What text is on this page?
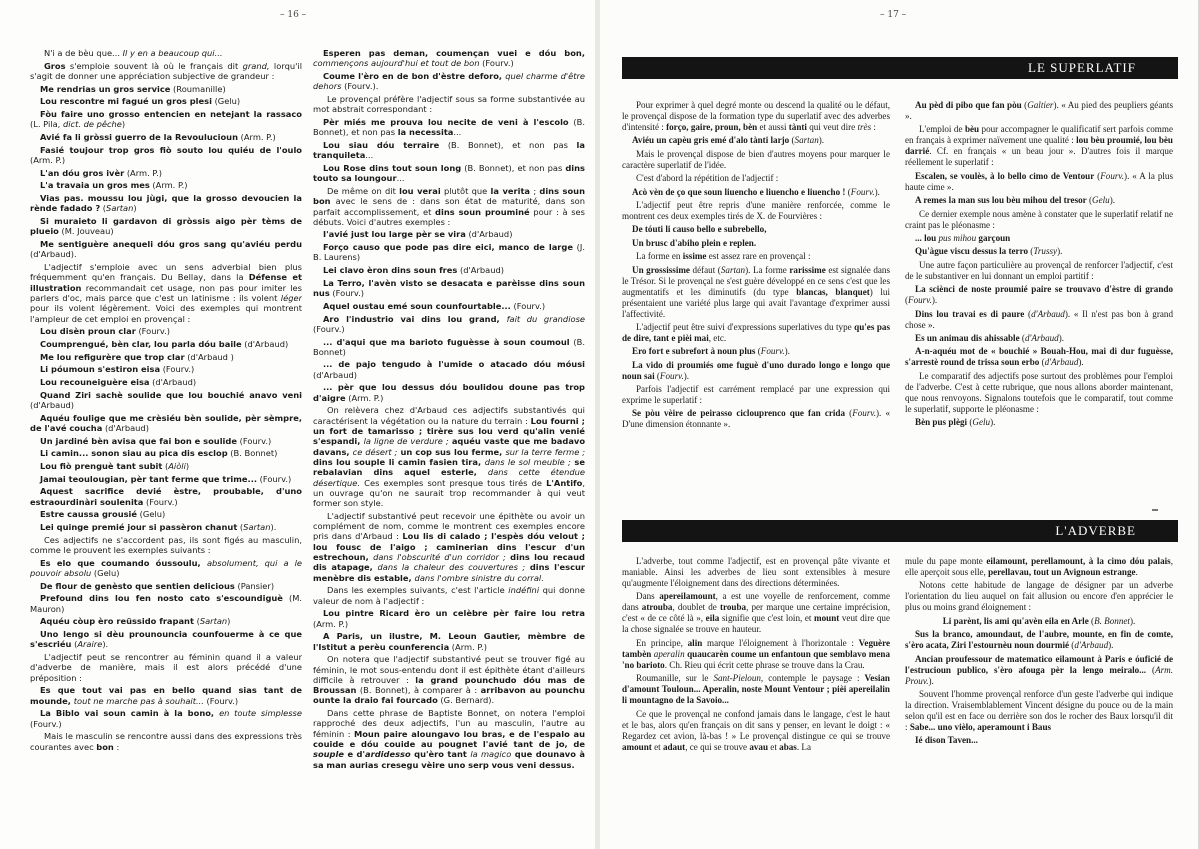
– 16 –

N'i a de bèu que... Il y en a beaucoup qui...

Gros s'emploie souvent là où le français dit grand, lorqu'il s'agit de donner une appréciation subjective de grandeur :

Me rendrias un gros service (Roumanille)

Lou rescontre mi fagué un gros plesi (Gelu)

Fòu faire uno grosso entencien en netejant la rassaco (L. Pila, dict. de pêche)

Avié fa li gròssi guerro de la Revoulucioun (Arm. P.)

Fasié toujour trop gros fiò souto lou quiéu de l'oulo (Arm. P.)

L'an dóu gros ivèr (Arm. P.)

L'a travaia un gros mes (Arm. P.)

Vias pas. moussu lou jùgi, que la grosso devoucien la rènde fadado ? (Sartan)

Si muraieto li gardavon di gròssis aigo pèr tèms de plueio (M. Jouveau)

Me sentiguère anequeli dóu gros sang qu'aviéu perdu (d'Arbaud).

L'adjectif s'emploie avec un sens adverbial bien plus fréquemment qu'en français. Du Bellay, dans la Défense et illustration recommandait cet usage, non pas pour imiter les parlers d'oc, mais parce que c'est un latinisme : ils volent léger pour ils volent légèrement. Voici des exemples qui montrent l'ampleur de cet emploi en provençal :

Lou disèn proun clar (Fourv.)

Coumprengué, bèn clar, lou parla dóu baile (d'Arbaud)

Me lou refigurère que trop clar (d'Arbaud )

Li póumoun s'estiron eisa (Fourv.)

Lou recouneiguère eisa (d'Arbaud)

Quand Ziri sachè soulide que lou bouchié anavo veni (d'Arbaud)

Aquéu foulige que me crèsiéu bèn soulide, pèr sèmpre, de l'avé coucha (d'Arbaud)

Un jardiné bèn avisa que fai bon e soulide (Fourv.)

Li camin... sonon siau au pica dis esclop (B. Bonnet)

Lou fiò prenguè tant subit (Aiòli)

Jamai teoulougian, pèr tant ferme que trime... (Fourv.)

Aquest sacrifice devié èstre, proubable, d'uno estraourdinàri soulenita (Fourv.)

Estre caussa grousié (Gelu)

Lei quinge premié jour si passèron chanut (Sartan).

Ces adjectifs ne s'accordent pas, ils sont figés au masculin, comme le prouvent les exemples suivants :

Es elo que coumando óussoulu, absolument, qui a le pouvoir absolu (Gelu)

De flour de genèsto que sentien delicious (Pansier)

Prefound dins lou fen nosto cato s'escoundiguè (M. Mauron)

Aquéu còup èro reüssido frapant (Sartan)

Uno lengo si dèu prounouncia counfouerme à ce que s'escriéu (Araire).

L'adjectif peut se rencontrer au féminin quand il a valeur d'adverbe de manière, mais il est alors précédé d'une préposition :

Es que tout vai pas en bello quand sias tant de mounde, tout ne marche pas à souhait... (Fourv.)

La Biblo vai soun camin à la bono, en toute simplesse (Fourv.)

Mais le masculin se rencontre aussi dans des expressions très courantes avec bon :

Esperen pas deman, coumençan vuei e dóu bon, commençons aujourd'hui et tout de bon (Fourv.)

Coume l'èro en de bon d'èstre deforo, quel charme d'être dehors (Fourv.).

Le provençal préfère l'adjectif sous sa forme substantivée au mot abstrait correspondant :

Pèr miés me prouva lou necite de veni à l'escolo (B. Bonnet), et non pas la necessita...

Lou siau dóu terraire (B. Bonnet), et non pas la tranquileta...

Lou Rose dins tout soun long (B. Bonnet), et non pas dins touto sa loungour...

De même on dit lou verai plutôt que la verita ; dins soun bon avec le sens de : dans son état de maturité, dans son parfait accomplissement, et dins soun prouminé pour : à ses débuts. Voici d'autres exemples :

I'avié just lou large pèr se vira (d'Arbaud)

Forço causo que pode pas dire eici, manco de large (J. B. Laurens)

Lei clavo èron dins soun fres (d'Arbaud)

La Terro, l'avèn visto se desacata e parèisse dins soun nus (Fourv.)

Aquel oustau emé soun counfourtable... (Fourv.)

Aro l'industrio vai dins lou grand, fait du grandiose (Fourv.)

... d'aqui que ma barioto fuguèsse à soun coumoul (B. Bonnet)

... de pajo tengudo à l'umide o atacado dóu móusi (d'Arbaud)

... pèr que lou dessus dóu boulidou doune pas trop d'aigre (Arm. P.)

On relèvera chez d'Arbaud ces adjectifs substantivés qui caractérisent la végétation ou la nature du terrain : Lou fourni ; un fort de tamarisso ; tirère sus lou verd qu'alin venié s'espandi, la ligne de verdure ; aquéu vaste que me badavo davans, ce désert ; un cop sus lou ferme, sur la terre ferme ; dins lou souple li camin fasien tira, dans le sol meuble ; se rebalavian dins aquel esterle, dans cette étendue désertique. Ces exemples sont presque tous tirés de L'Antifo, un ouvrage qu'on ne saurait trop recommander à qui veut former son style.

L'adjectif substantivé peut recevoir une épithète ou avoir un complément de nom, comme le montrent ces exemples encore pris dans d'Arbaud : Lou lis di calado ; l'espès dóu velout ; lou fousc de l'aigo ; caminerian dins l'escur d'un estrechoun, dans l'obscurité d'un corridor ; dins lou recaud dis atapage, dans la chaleur des couvertures ; dins l'escur menèbre dis estable, dans l'ombre sinistre du corral.

Dans les exemples suivants, c'est l'article indéfini qui donne valeur de nom à l'adjectif :

Lou pintre Ricard èro un celèbre pèr faire lou retra (Arm. P.)

A Paris, un ilustre, M. Leoun Gautier, mèmbre de l'Istitut a perèu counferencia (Arm. P.)

On notera que l'adjectif substantivé peut se trouver figé au féminin, le mot sous-entendu dont il est épithète étant d'ailleurs difficile à retrouver : la grand pounchudo dóu mas de Broussan (B. Bonnet), à comparer à : arribavon au pounchu ounte la draio fai fourcado (G. Bernard).

Dans cette phrase de Baptiste Bonnet, on notera l'emploi rapproché des deux adjectifs, l'un au masculin, l'autre au féminin : Moun paire aloungavo lou bras, e de l'espalo au couide e dóu couide au pougnet l'avié tant de jo, de souple e d'ardidesso qu'èro tant la magico que dounavo à sa man aurias cresegu vèire uno serp vous veni dessus.

– 17 –
LE SUPERLATIF

Pour exprimer à quel degré monte ou descend la qualité ou le défaut, le provençal dispose de la formation type du superlatif avec des adverbes d'intensité : forço, gaire, proun, bèn et aussi tànti qui veut dire très :

Aviéu un capèu gris emé d'alo tànti larjo (Sartan).

Mais le provençal dispose de bien d'autres moyens pour marquer le caractère superlatif de l'idée.

C'est d'abord la répétition de l'adjectif :

Acò vèn de ço que soun liuencho e liuencho e liuencho ! (Fourv.).

L'adjectif peut être repris d'une manière renforcée, comme le montrent ces deux exemples tirés de X. de Fourvières :

De tóuti li causo bello e subrebello,

Un brusc d'abiho plein e replen.

La forme en issime est assez rare en provençal :

Un grossissime défaut (Sartan). La forme rarissime est signalée dans le Trésor. Si le provençal ne s'est guère développé en ce sens c'est que les augmentatifs et les diminutifs (du type blancas, blanquet) lui présentaient une variété plus large qui avait l'avantage d'exprimer aussi l'affectivité.

L'adjectif peut être suivi d'expressions superlatives du type qu'es pas de dire, tant e pièi mai, etc.

Ero fort e subrefort à noun plus (Fourv.).

La vido di proumiés ome fuguè d'uno durado longo e longo que noun sai (Fourv.).

Parfois l'adjectif est carrément remplacé par une expression qui exprime le superlatif :

Se pòu vèire de peirasso ciclouprenco que fan crida (Fourv.). « D'une dimension étonnante ».

Au pèd di pibo que fan pòu (Galtier). « Au pied des peupliers géants ».

L'emploi de bèu pour accompagner le qualificatif sert parfois comme en français à exprimer naïvement une qualité : lou bèu proumié, lou bèu darrié. Cf. en français « un beau jour ». D'autres fois il marque réellement le superlatif :

Escalen, se voulès, à lo bello cimo de Ventour (Fourv.). « A la plus haute cime ».

A remes la man sus lou bèu mihou del tresor (Gelu).

Ce dernier exemple nous amène à constater que le superlatif relatif ne craint pas le pléonasme :

... lou pus mihou garçoun

Qu'àgue viscu dessus la terro (Trussy).

Une autre façon particulière au provençal de renforcer l'adjectif, c'est de le substantiver en lui donnant un emploi partitif :

La sciènci de noste proumié paire se trouvavo d'èstre di grando (Fourv.).

Dins lou travai es di paure (d'Arbaud). « Il n'est pas bon à grand chose ».

Es un animau dis ahissable (d'Arbaud).

A-n-aquéu mot de « bouchié » Bouah-Hou, mai di dur fuguèsse, s'arrestè round de trissa soun erbo (d'Arbaud).

Le comparatif des adjectifs pose surtout des problèmes pour l'emploi de l'adverbe. C'est à cette rubrique, que nous allons aborder maintenant, que nous renvoyons. Signalons toutefois que le comparatif, tout comme le superlatif, supporte le pléonasme :

Bèn pus plègi (Gelu).

L'ADVERBE

L'adverbe, tout comme l'adjectif, est en provençal pâte vivante et maniable. Ainsi les adverbes de lieu sont extensibles à mesure qu'augmente l'éloignement dans des directions déterminées.

Dans apereilamount, a est une voyelle de renforcement, comme dans atrouba, doublet de trouba, per marque une certaine imprécision, c'est « de ce côté là », eila signifie que c'est loin, et mount veut dire que la chose signalée se trouve en hauteur.

En principe, alin marque l'éloignement à l'horizontale : Veguère tambèn aperalin quaucarèn coume un enfantoun que semblavo mena 'no barioto. Ch. Rieu qui écrit cette phrase se trouve dans la Crau.

Roumanille, sur le Sant-Pieloun, contemple le paysage : Vesian d'amount Touloun... Aperalin, noste Mount Ventour ; pièi apereilalin li mountagno de la Savoio...

Ce que le provençal ne confond jamais dans le langage, c'est le haut et le bas, alors qu'en français on dit sans y penser, en levant le doigt : « Regardez cet avion, là-bas ! » Le provençal distingue ce qui se trouve amount et adaut, ce qui se trouve avau et abas. La

mule du pape monte eilamount, perellamount, à la cimo dóu palais, elle aperçoit sous elle, perellavau, tout un Avignoun estrange.

Notons cette habitude de langage de désigner par un adverbe l'orientation du lieu auquel on fait allusion ou encore d'en apprécier le plus ou moins grand éloignement :

Li parènt, lis ami qu'avèn eila en Arle (B. Bonnet).

Sus la branco, amoundaut, de l'aubre, mounte, en fin de comte, s'èro acata, Ziri l'estournèu noun dourmié (d'Arbaud).

Ancian proufessour de matematico eilamount à Paris e óuficié de l'estrucioun publico, s'èro afouga pèr la lengo meiralo... (Arm. Prouv.).

Souvent l'homme provençal renforce d'un geste l'adverbe qui indique la direction. Vraisemblablement Vincent désigne du pouce ou de la main selon qu'il est en face ou derrière son dos le rocher des Baux lorsqu'il dit : Sabe... uno vièlo, aperamount i Baus

Ié dison Taven...
